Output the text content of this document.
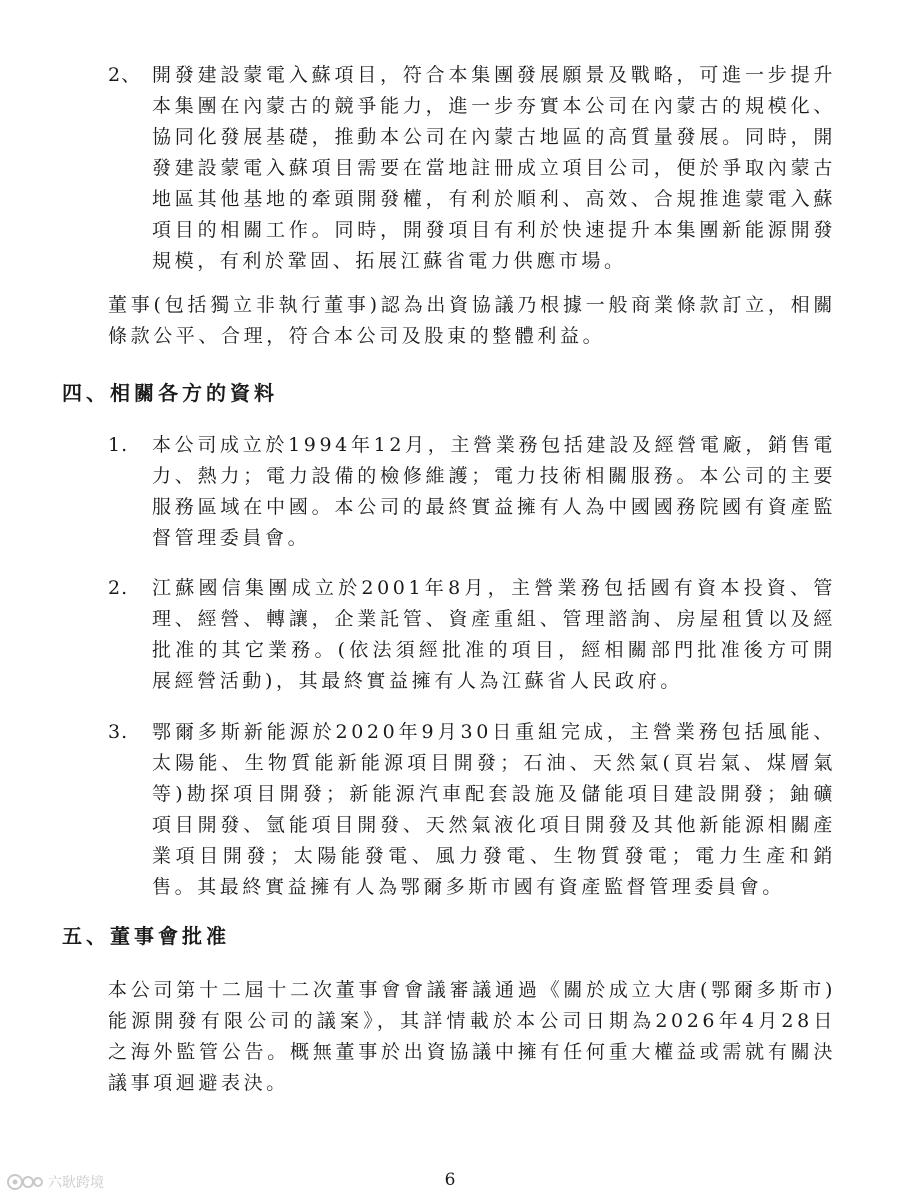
2、 開發建設蒙電入蘇項目，符合本集團發展願景及戰略，可進一步提升本集團在內蒙古的競爭能力，進一步夯實本公司在內蒙古的規模化、協同化發展基礎，推動本公司在內蒙古地區的高質量發展。同時，開發建設蒙電入蘇項目需要在當地註冊成立項目公司，便於爭取內蒙古地區其他基地的牽頭開發權，有利於順利、高效、合規推進蒙電入蘇項目的相關工作。同時，開發項目有利於快速提升本集團新能源開發規模，有利於鞏固、拓展江蘇省電力供應市場。

董事(包括獨立非執行董事)認為出資協議乃根據一般商業條款訂立，相關條款公平、合理，符合本公司及股東的整體利益。

四、相關各方的資料
1. 本公司成立於1994年12月，主營業務包括建設及經營電廠，銷售電力、熱力；電力設備的檢修維護；電力技術相關服務。本公司的主要服務區域在中國。本公司的最終實益擁有人為中國國務院國有資產監督管理委員會。

2. 江蘇國信集團成立於2001年8月，主營業務包括國有資本投資、管理、經營、轉讓，企業託管、資產重組、管理諮詢、房屋租賃以及經批准的其它業務。(依法須經批准的項目，經相關部門批准後方可開展經營活動)，其最終實益擁有人為江蘇省人民政府。

3. 鄂爾多斯新能源於2020年9月30日重組完成，主營業務包括風能、太陽能、生物質能新能源項目開發；石油、天然氣(頁岩氣、煤層氣等)勘探項目開發；新能源汽車配套設施及儲能項目建設開發；鈾礦項目開發、氫能項目開發、天然氣液化項目開發及其他新能源相關產業項目開發；太陽能發電、風力發電、生物質發電；電力生產和銷售。其最終實益擁有人為鄂爾多斯市國有資產監督管理委員會。

五、董事會批准

本公司第十二屆十二次董事會會議審議通過《關於成立大唐(鄂爾多斯市)能源開發有限公司的議案》，其詳情載於本公司日期為2026年4月28日之海外監管公告。概無董事於出資協議中擁有任何重大權益或需就有關決議事項迴避表決。

6
六耿跨境
